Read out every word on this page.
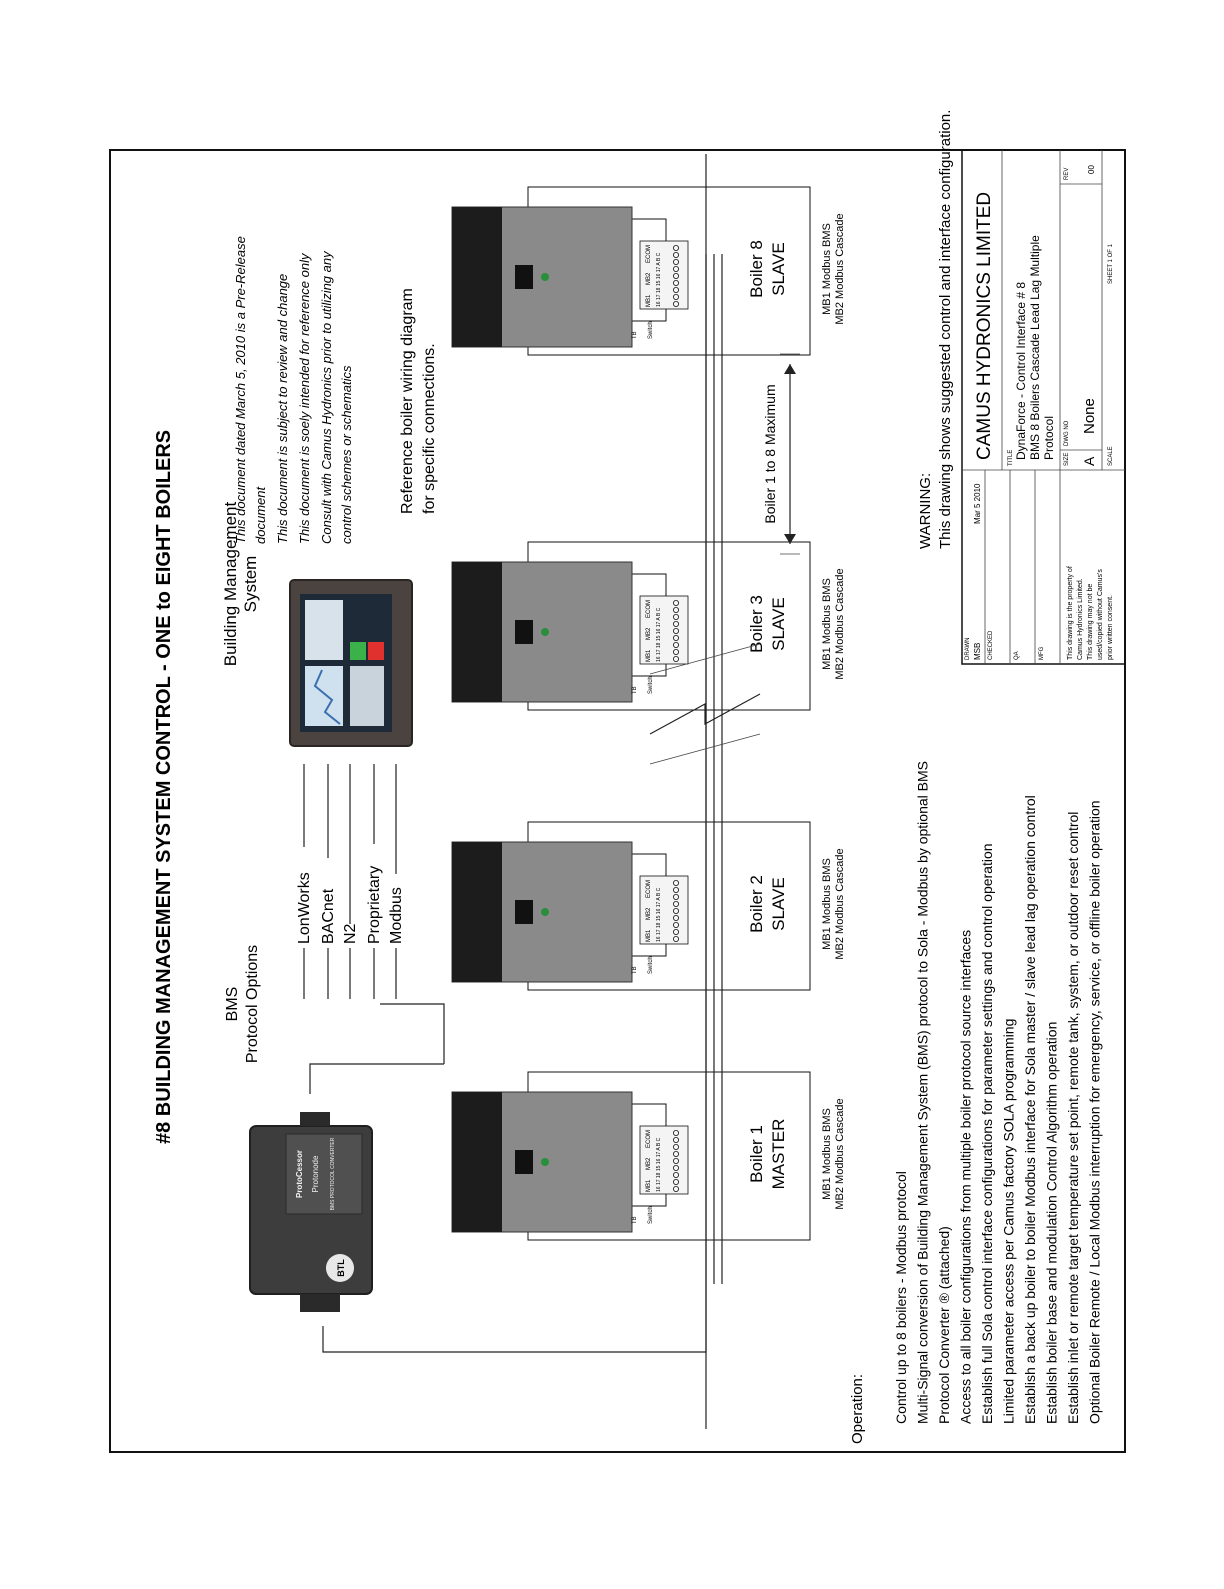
#8 BUILDING MANAGEMENT SYSTEM CONTROL - ONE to EIGHT BOILERS	BMS Protocol Options
LonWorks BACnet N2 Proprietary Modbus
Building Management System
ProtoCessor Protonode BMS PROTOCOL CONVERTER
BTL
This document dated March 5, 2010 is a Pre-Release document This document is subject to review and change This document is soely intended for reference only Consult with Camus Hydronics prior to utilizing any control schemes or schematics	Reference boiler wiring diagram for specific connections.
MB1
MB2
ECOM 16 17 18 15 16 17 A B C
Switch
TB
Boiler 1 MASTER	MB1 Modbus BMS MB2 Modbus Cascade
MB1
MB2
ECOM 16 17 18 15 16 17 A B C
Switch
TB
Boiler 2 SLAVE	MB1 Modbus BMS MB2 Modbus Cascade
MB1
MB2
ECOM 16 17 18 15 16 17 A B C
Switch
TB
Boiler 3 SLAVE	MB1 Modbus BMS MB2 Modbus Cascade
MB1
MB2
ECOM 16 17 18 15 16 17 A B C
Switch
TB
Boiler 8 SLAVE	MB1 Modbus BMS MB2 Modbus Cascade
Boiler 1 to 8 Maximum
Operation: Control up to 8 boilers - Modbus protocol Multi-Signal conversion of Building Management System (BMS) protocol to Sola - Modbus by optional BMS Protocol Converter ® (attached) Access to all boiler configurations from multiple boiler protocol source interfaces Establish full Sola control interface configurations for parameter settings and control operation Limited parameter access per Camus factory SOLA programming Establish a back up boiler to boiler Modbus interface for Sola master / slave lead lag operation control Establish boiler base and modulation Control Algorithm operation Establish inlet or remote target temperature set point, remote tank, system, or outdoor reset control Optional Boiler Remote / Local Modbus interruption for emergency, service, or offline boiler operation
WARNING: This drawing shows suggested control and interface configuration. CAMUS HYDRONICS LIMITED TITLE DynaForce - Control Interface # 8 BMS 8 Boilers Cascade Lead Lag Multiple Protocol
DRAWN MSB
Mar 5 2010
CHECKED	QA	MFG	This drawing is the property of Camus Hydronics Limited. This drawing may not be used/copied without Camus's prior written consent.
SIZE A
DWG NO None
REV 00
SCALE
SHEET 1 OF 1
